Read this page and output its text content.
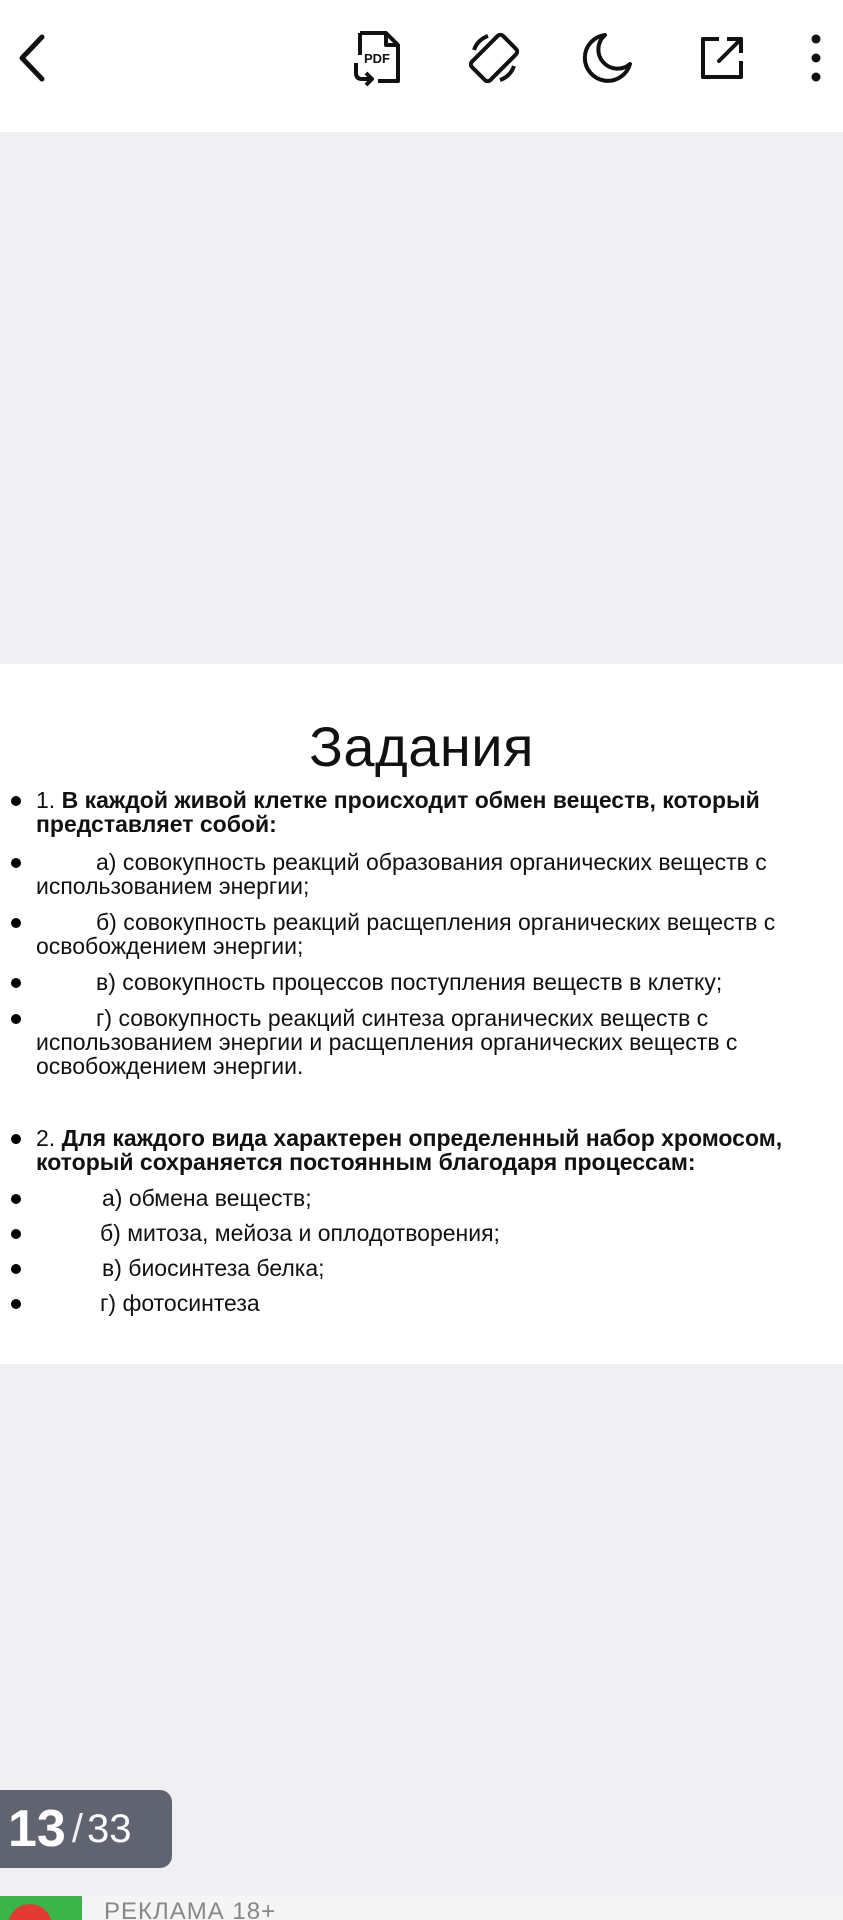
PDF
Задания
1. В каждой живой клетке происходит обмен веществ, который представляет собой:
а) совокупность реакций образования органических веществ с использованием энергии;
б) совокупность реакций расщепления органических веществ с освобождением энергии;
в) совокупность процессов поступления веществ в клетку;
г) совокупность реакций синтеза органических веществ с использованием энергии и расщепления органических веществ с освобождением энергии.
2. Для каждого вида характерен определенный набор хромосом, который сохраняется постоянным благодаря процессам:
а) обмена веществ;
б) митоза, мейоза и оплодотворения;
в) биосинтеза белка;
г) фотосинтеза
13 / 33
РЕКЛАМА 18+
